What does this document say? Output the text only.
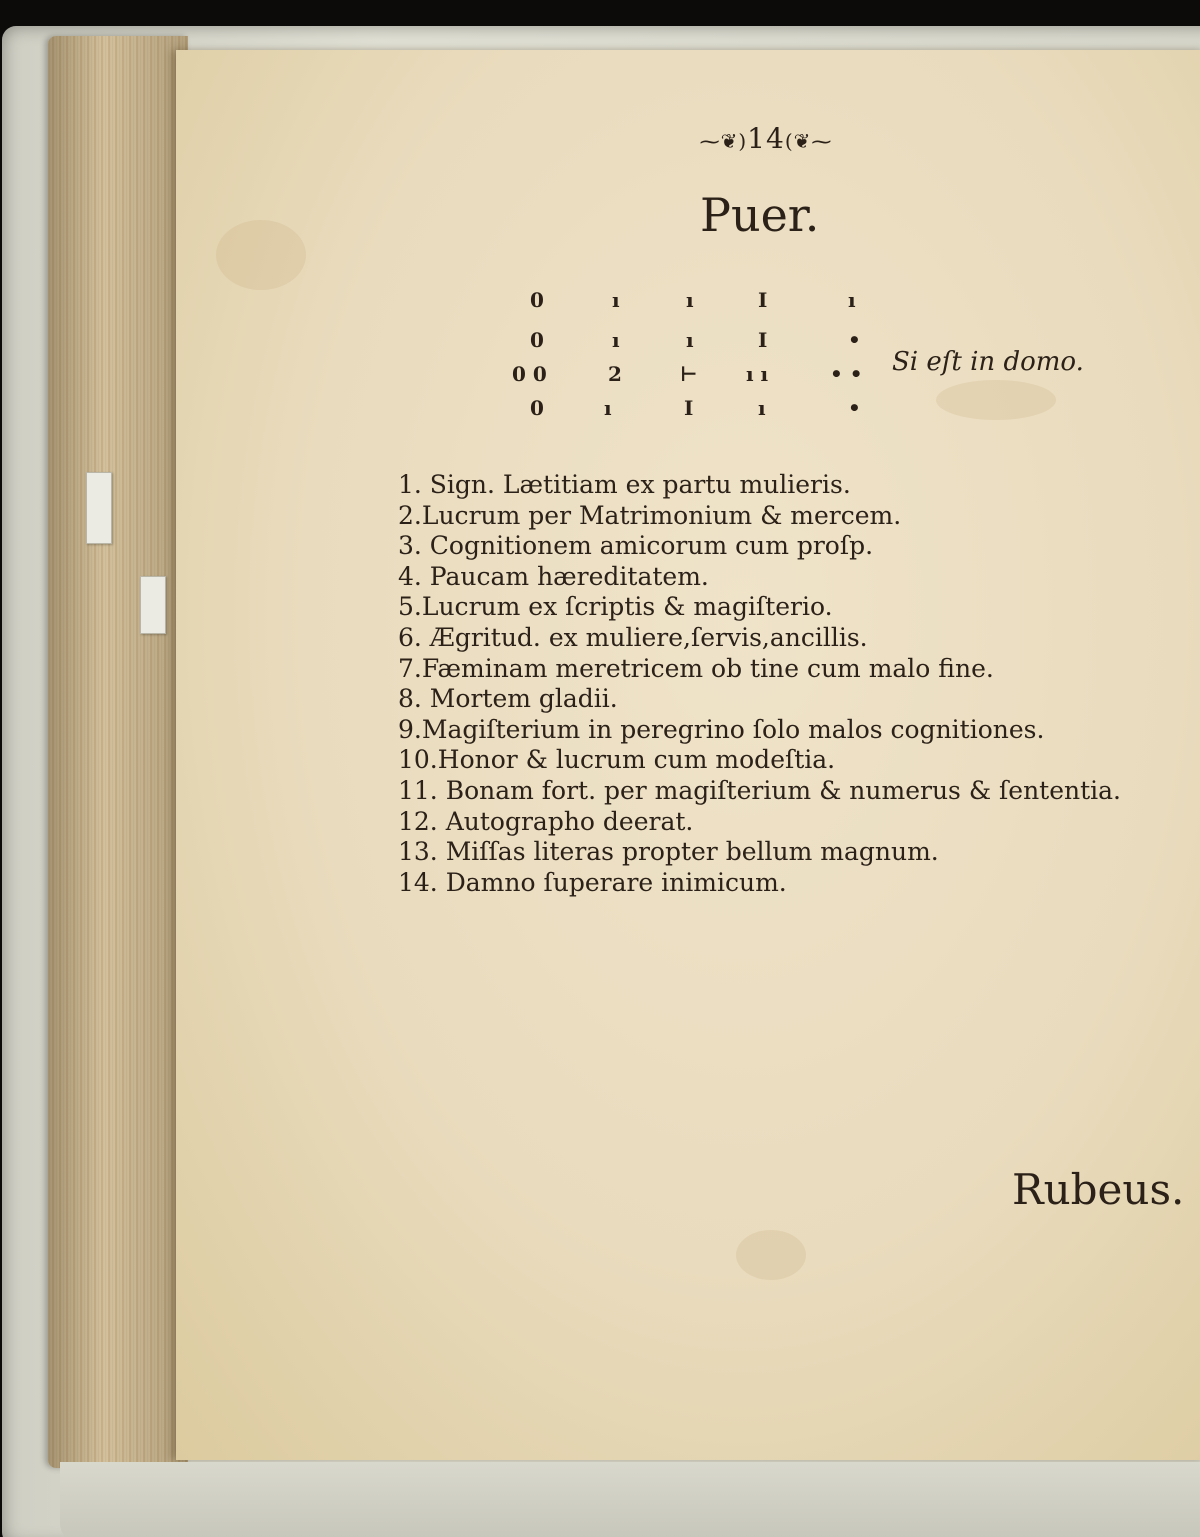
⁓❦)14(❦⁓
Puer.
0
0
0 0
0
ı
ı
2
ı
ı
ı
⊢
I
I
I
ı ı
ı
ı
•
• •
•
Si eſt in domo.
1. Sign. Lætitiam ex partu mulieris.
2.Lucrum per Matrimonium & mercem.
3. Cognitionem amicorum cum proſp.
4. Paucam hæreditatem.
5.Lucrum ex ſcriptis & magiſterio.
6. Ægritud. ex muliere,ſervis,ancillis.
7.Fæminam meretricem ob tine cum malo fine.
8. Mortem gladii.
9.Magiſterium in peregrino ſolo malos cognitiones.
10.Honor & lucrum cum modeſtia.
11. Bonam fort. per magiſterium & numerus & ſententia.
12. Autographo deerat.
13. Miſſas literas propter bellum magnum.
14. Damno ſuperare inimicum.
Rubeus.
